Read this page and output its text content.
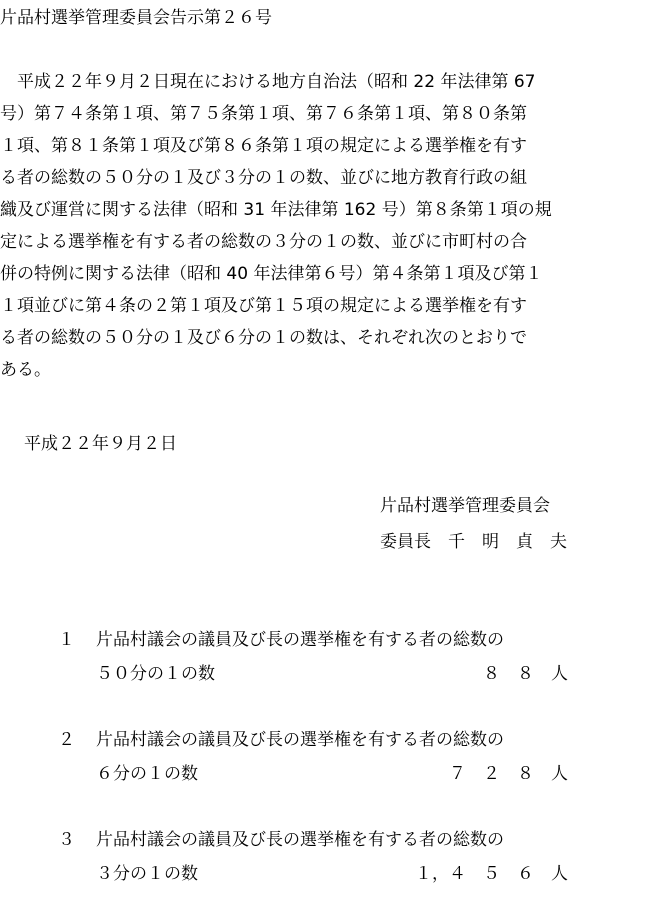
片品村選挙管理委員会告示第２６号
　平成２２年９月２日現在における地方自治法（昭和 22 年法律第 67
号）第７４条第１項、第７５条第１項、第７６条第１項、第８０条第
１項、第８１条第１項及び第８６条第１項の規定による選挙権を有す
る者の総数の５０分の１及び３分の１の数、並びに地方教育行政の組
織及び運営に関する法律（昭和 31 年法律第 162 号）第８条第１項の規
定による選挙権を有する者の総数の３分の１の数、並びに市町村の合
併の特例に関する法律（昭和 40 年法律第６号）第４条第１項及び第１
１項並びに第４条の２第１項及び第１５項の規定による選挙権を有す
る者の総数の５０分の１及び６分の１の数は、それぞれ次のとおりで
ある。
平成２２年９月２日
片品村選挙管理委員会
委員長　千　明　貞　夫
１ 片品村議会の議員及び長の選挙権を有する者の総数の
５０分の１の数	８　８　人
２ 片品村議会の議員及び長の選挙権を有する者の総数の
６分の１の数	７　２　８　人
３ 片品村議会の議員及び長の選挙権を有する者の総数の
３分の１の数	１，４　５　６　人
